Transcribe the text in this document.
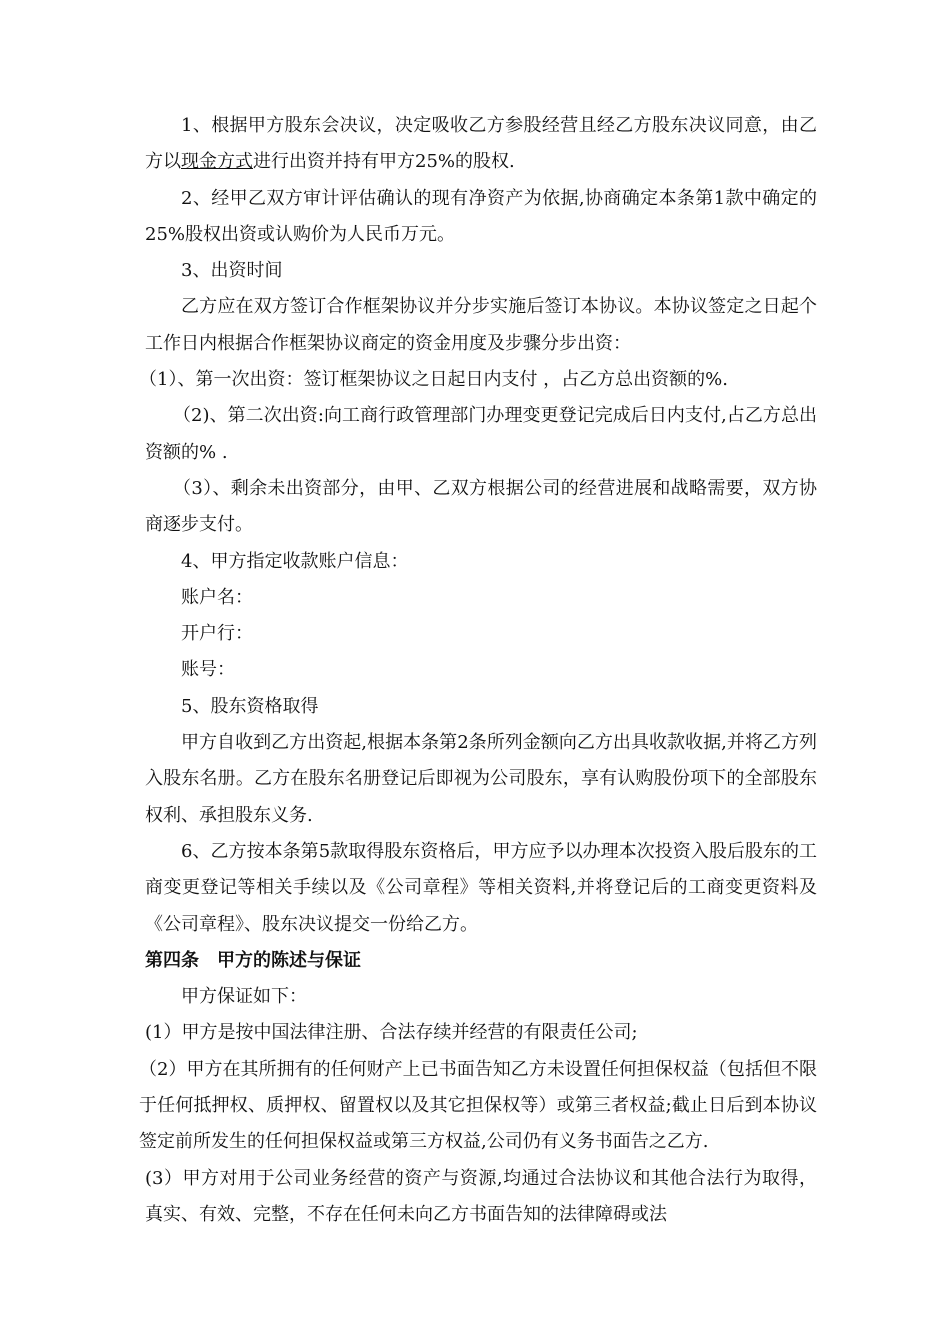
1、根据甲方股东会决议，决定吸收乙方参股经营且经乙方股东决议同意，由乙方以现金方式进行出资并持有甲方25%的股权.

2、经甲乙双方审计评估确认的现有净资产为依据,协商确定本条第1款中确定的25%股权出资或认购价为人民币万元。

3、出资时间

乙方应在双方签订合作框架协议并分步实施后签订本协议。本协议签定之日起个工作日内根据合作框架协议商定的资金用度及步骤分步出资：

（1）、第一次出资：签订框架协议之日起日内支付 ，占乙方总出资额的%.

（2)、第二次出资:向工商行政管理部门办理变更登记完成后日内支付,占乙方总出资额的% .

（3）、剩余未出资部分，由甲、乙双方根据公司的经营进展和战略需要，双方协商逐步支付。

4、甲方指定收款账户信息：

账户名：

开户行：

账号：

5、股东资格取得

甲方自收到乙方出资起,根据本条第2条所列金额向乙方出具收款收据,并将乙方列入股东名册。乙方在股东名册登记后即视为公司股东，享有认购股份项下的全部股东权利、承担股东义务.

6、乙方按本条第5款取得股东资格后，甲方应予以办理本次投资入股后股东的工商变更登记等相关手续以及《公司章程》等相关资料,并将登记后的工商变更资料及《公司章程》、股东决议提交一份给乙方。

第四条　甲方的陈述与保证

甲方保证如下：

(1）甲方是按中国法律注册、合法存续并经营的有限责任公司;

（2）甲方在其所拥有的任何财产上已书面告知乙方未设置任何担保权益（包括但不限于任何抵押权、质押权、留置权以及其它担保权等）或第三者权益;截止日后到本协议签定前所发生的任何担保权益或第三方权益,公司仍有义务书面告之乙方.

(3）甲方对用于公司业务经营的资产与资源,均通过合法协议和其他合法行为取得，真实、有效、完整，不存在任何未向乙方书面告知的法律障碍或法
